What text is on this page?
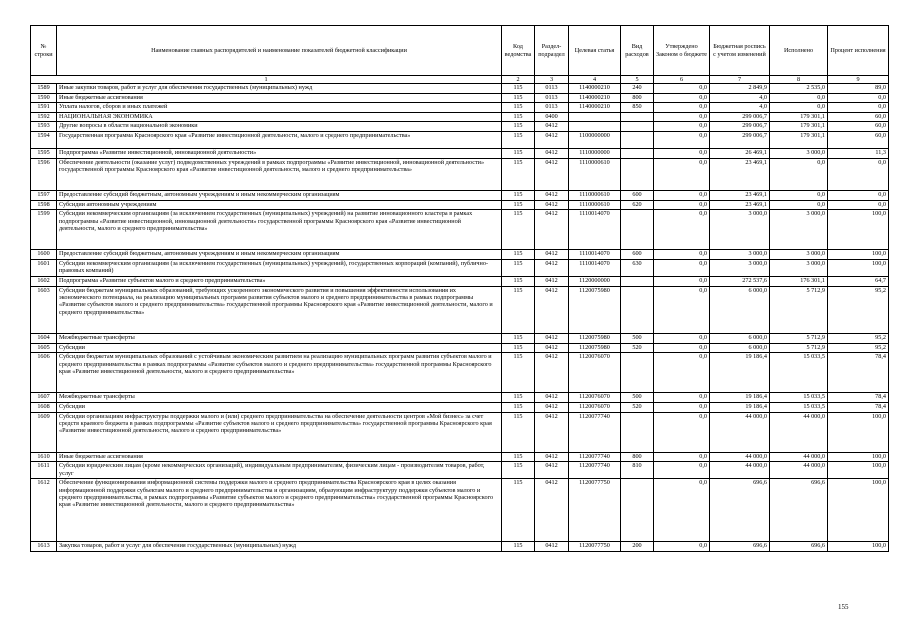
№ строки	Наименование главных распорядителей и наименование показателей бюджетной классификации	Код ведомства	Раздел-подраздел	Целевая статья	Вид расходов	Утверждено Законом о бюджете	Бюджетная роспись с учетом изменений	Исполнено	Процент исполнения
1		2	3	4	5	6	7	8	9
1589	Иные закупки товаров, работ и услуг для обеспечения государственных (муниципальных) нужд	115	0113	1140000210	240	0,0	2 849,9	2 535,0	89,0
1590	Иные бюджетные ассигнования	115	0113	1140000210	800	0,0	4,0	0,0	0,0
1591	Уплата налогов, сборов и иных платежей	115	0113	1140000210	850	0,0	4,0	0,0	0,0
1592	НАЦИОНАЛЬНАЯ ЭКОНОМИКА	115	0400			0,0	299 006,7	179 301,1	60,0
1593	Другие вопросы в области национальной экономики	115	0412			0,0	299 006,7	179 301,1	60,0
1594	Государственная программа Красноярского края «Развитие инвестиционной деятельности, малого и среднего предпринимательства»	115	0412	1100000000		0,0	299 006,7	179 301,1	60,0
1595	Подпрограмма «Развитие инвестиционной, инновационной деятельности»	115	0412	1110000000		0,0	26 469,1	3 000,0	11,3
1596	Обеспечение деятельности (оказание услуг) подведомственных учреждений в рамках подпрограммы «Развитие инвестиционной, инновационной деятельности» государственной программы Красноярского края «Развитие инвестиционной деятельности, малого и среднего предпринимательства»	115	0412	1110000610		0,0	23 469,1	0,0	0,0
1597	Предоставление субсидий бюджетным, автономным учреждениям и иным некоммерческим организациям	115	0412	1110000610	600	0,0	23 469,1	0,0	0,0
1598	Субсидии автономным учреждениям	115	0412	1110000610	620	0,0	23 469,1	0,0	0,0
1599	Субсидии некоммерческим организациям (за исключением государственных (муниципальных) учреждений) на развитие инновационного кластера в рамках подпрограммы «Развитие инвестиционной, инновационной деятельности» государственной программы Красноярского края «Развитие инвестиционной деятельности, малого и среднего предпринимательства»	115	0412	1110014070		0,0	3 000,0	3 000,0	100,0
1600	Предоставление субсидий бюджетным, автономным учреждениям и иным некоммерческим организациям	115	0412	1110014070	600	0,0	3 000,0	3 000,0	100,0
1601	Субсидии некоммерческим организациям (за исключением государственных (муниципальных) учреждений), государственных корпораций (компаний), публично-правовых компаний)	115	0412	1110014070	630	0,0	3 000,0	3 000,0	100,0
1602	Подпрограмма «Развитие субъектов малого и среднего предпринимательства»	115	0412	1120000000		0,0	272 537,6	176 301,1	64,7
1603	Субсидии бюджетам муниципальных образований, требующих ускоренного экономического развития и повышения эффективности использования их экономического потенциала, на реализацию муниципальных программ развития субъектов малого и среднего предпринимательства в рамках подпрограммы «Развитие субъектов малого и среднего предпринимательства» государственной программы Красноярского края «Развитие инвестиционной деятельности, малого и среднего предпринимательства»	115	0412	1120075980		0,0	6 000,0	5 712,9	95,2
1604	Межбюджетные трансферты	115	0412	1120075980	500	0,0	6 000,0	5 712,9	95,2
1605	Субсидии	115	0412	1120075980	520	0,0	6 000,0	5 712,9	95,2
1606	Субсидии бюджетам муниципальных образований с устойчивым экономическим развитием на реализацию муниципальных программ развития субъектов малого и среднего предпринимательства в рамках подпрограммы «Развитие субъектов малого и среднего предпринимательства» государственной программы Красноярского края «Развитие инвестиционной деятельности, малого и среднего предпринимательства»	115	0412	1120076070		0,0	19 186,4	15 033,5	78,4
1607	Межбюджетные трансферты	115	0412	1120076070	500	0,0	19 186,4	15 033,5	78,4
1608	Субсидии	115	0412	1120076070	520	0,0	19 186,4	15 033,5	78,4
1609	Субсидии организациям инфраструктуры поддержки малого и (или) среднего предпринимательства на обеспечение деятельности центров «Мой бизнес» за счет средств краевого бюджета в рамках подпрограммы «Развитие субъектов малого и среднего предпринимательства» государственной программы Красноярского края «Развитие инвестиционной деятельности, малого и среднего предпринимательства»	115	0412	1120077740		0,0	44 000,0	44 000,0	100,0
1610	Иные бюджетные ассигнования	115	0412	1120077740	800	0,0	44 000,0	44 000,0	100,0
1611	Субсидии юридическим лицам (кроме некоммерческих организаций), индивидуальным предпринимателям, физическим лицам - производителям товаров, работ, услуг	115	0412	1120077740	810	0,0	44 000,0	44 000,0	100,0
1612	Обеспечение функционирования информационной системы поддержки малого и среднего предпринимательства Красноярского края в целях оказания информационной поддержки субъектам малого и среднего предпринимательства и организациям, образующим инфраструктуру поддержки субъектов малого и среднего предпринимательства, в рамках подпрограммы «Развитие субъектов малого и среднего предпринимательства» государственной программы Красноярского края «Развитие инвестиционной деятельности, малого и среднего предпринимательства»	115	0412	1120077750		0,0	696,6	696,6	100,0
1613	Закупка товаров, работ и услуг для обеспечения государственных (муниципальных) нужд	115	0412	1120077750	200	0,0	696,6	696,6	100,0
155
